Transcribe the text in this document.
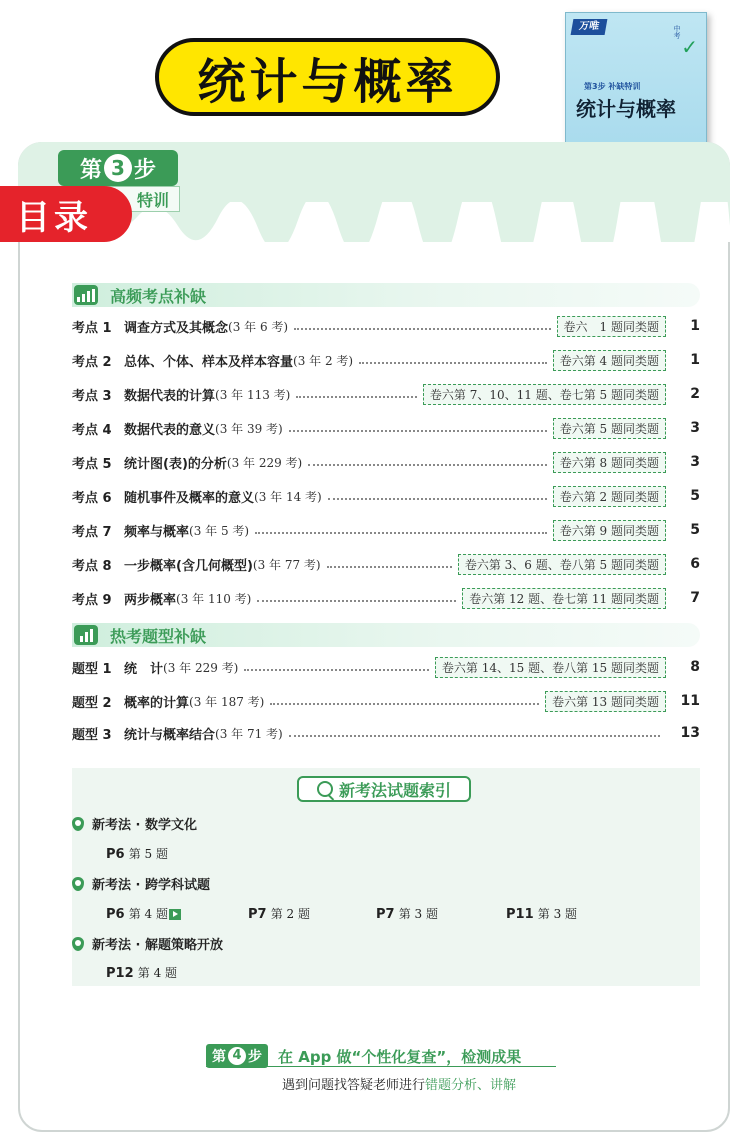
统计与概率
万唯	中考
✓
第3步 补缺特训
统计与概率
第 3 步
特训
目录
高频考点补缺
考点 1 调查方式及其概念 (3 年 6 考)	卷六　1 题同类题	1
考点 2 总体、个体、样本及样本容量 (3 年 2 考)	卷六第 4 题同类题	1
考点 3 数据代表的计算 (3 年 113 考)	卷六第 7、10、11 题、卷七第 5 题同类题	2
考点 4 数据代表的意义 (3 年 39 考)	卷六第 5 题同类题	3
考点 5 统计图(表)的分析 (3 年 229 考)	卷六第 8 题同类题	3
考点 6 随机事件及概率的意义 (3 年 14 考)	卷六第 2 题同类题	5
考点 7 频率与概率 (3 年 5 考)	卷六第 9 题同类题	5
考点 8 一步概率(含几何概型) (3 年 77 考)	卷六第 3、6 题、卷八第 5 题同类题	6
考点 9 两步概率 (3 年 110 考)	卷六第 12 题、卷七第 11 题同类题	7
热考题型补缺
题型 1 统　计 (3 年 229 考)	卷六第 14、15 题、卷八第 15 题同类题	8
题型 2 概率的计算 (3 年 187 考)	卷六第 13 题同类题	11
题型 3 统计与概率结合 (3 年 71 考)	13
新考法试题索引
新考法 · 数学文化
P6 第 5 题
新考法 · 跨学科试题
P6 第 4 题	P7 第 2 题	P7 第 3 题	P11 第 3 题
新考法 · 解题策略开放
P12 第 4 题
第 4 步 在 App 做“个性化复查”，检测成果
遇到问题找答疑老师进行错题分析、讲解
